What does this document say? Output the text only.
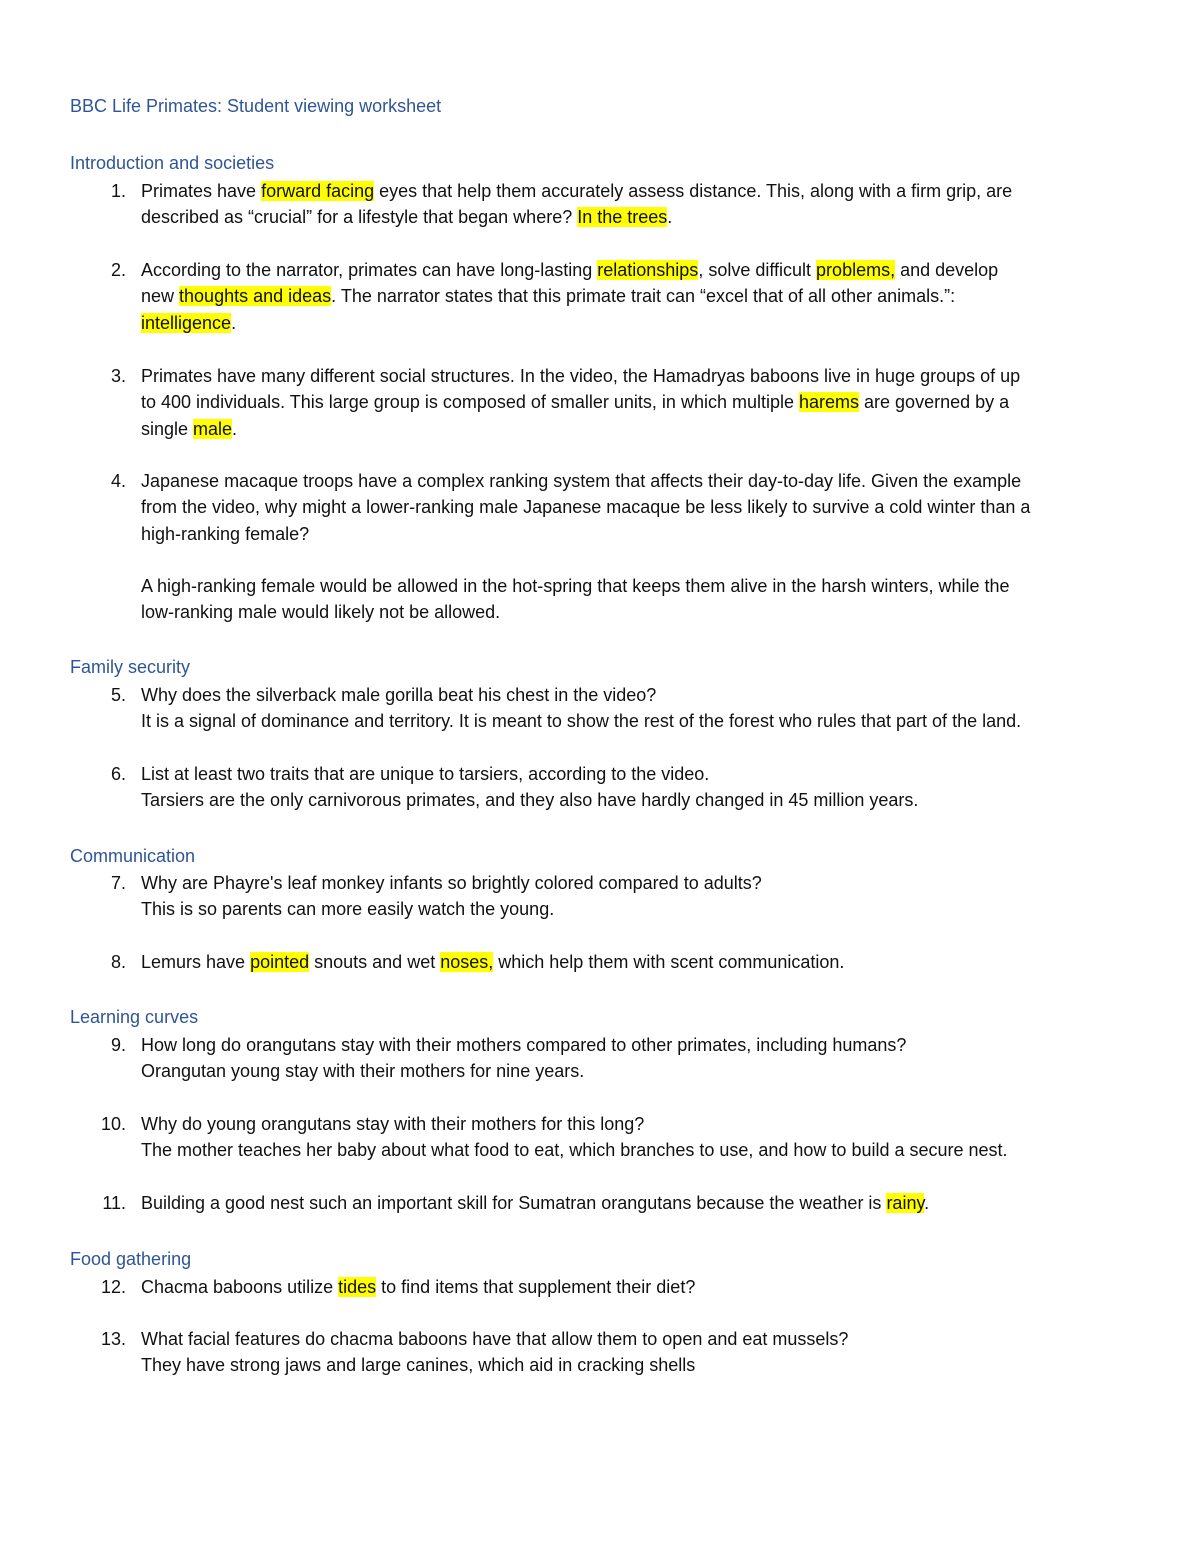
BBC Life Primates: Student viewing worksheet
Introduction and societies
1. Primates have forward facing eyes that help them accurately assess distance. This, along with a firm grip, are
described as “crucial” for a lifestyle that began where? In the trees.
2. According to the narrator, primates can have long-lasting relationships, solve difficult problems, and develop
new thoughts and ideas. The narrator states that this primate trait can “excel that of all other animals.”:
intelligence.
3. Primates have many different social structures. In the video, the Hamadryas baboons live in huge groups of up
to 400 individuals. This large group is composed of smaller units, in which multiple harems are governed by a
single male.
4. Japanese macaque troops have a complex ranking system that affects their day-to-day life. Given the example
from the video, why might a lower-ranking male Japanese macaque be less likely to survive a cold winter than a
high-ranking female?
A high-ranking female would be allowed in the hot-spring that keeps them alive in the harsh winters, while the
low-ranking male would likely not be allowed.
Family security
5. Why does the silverback male gorilla beat his chest in the video?
It is a signal of dominance and territory. It is meant to show the rest of the forest who rules that part of the land.
6. List at least two traits that are unique to tarsiers, according to the video.
Tarsiers are the only carnivorous primates, and they also have hardly changed in 45 million years.
Communication
7. Why are Phayre's leaf monkey infants so brightly colored compared to adults?
This is so parents can more easily watch the young.
8. Lemurs have pointed snouts and wet noses, which help them with scent communication.
Learning curves
9. How long do orangutans stay with their mothers compared to other primates, including humans?
Orangutan young stay with their mothers for nine years.
10. Why do young orangutans stay with their mothers for this long?
The mother teaches her baby about what food to eat, which branches to use, and how to build a secure nest.
11. Building a good nest such an important skill for Sumatran orangutans because the weather is rainy.
Food gathering
12. Chacma baboons utilize tides to find items that supplement their diet?
13. What facial features do chacma baboons have that allow them to open and eat mussels?
They have strong jaws and large canines, which aid in cracking shells
